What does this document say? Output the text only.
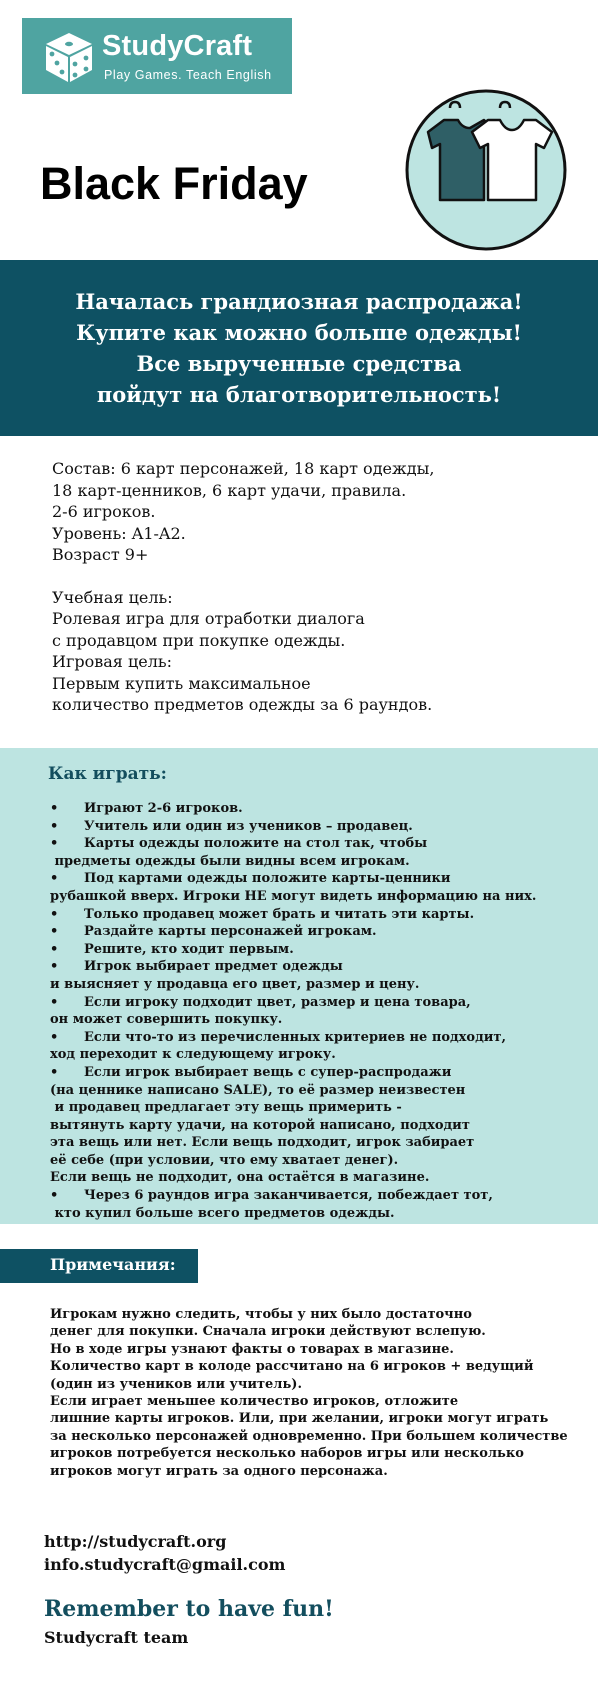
StudyCraft
Play Games. Teach English
Black Friday
Началась грандиозная распродажа!
Купите как можно больше одежды!
Все вырученные средства
пойдут на благотворительность!
Состав: 6 карт персонажей, 18 карт одежды,
18 карт-ценников, 6 карт удачи, правила.
2-6 игроков.
Уровень: A1-A2.
Возраст 9+
Учебная цель:
Ролевая игра для отработки диалога
с продавцом при покупке одежды.
Игровая цель:
Первым купить максимальное
количество предметов одежды за 6 раундов.
Как играть:
• Играют 2-6 игроков.
• Учитель или один из учеников – продавец.
• Карты одежды положите на стол так, чтобы
предметы одежды были видны всем игрокам.
• Под картами одежды положите карты-ценники
рубашкой вверх. Игроки НЕ могут видеть информацию на них.
• Только продавец может брать и читать эти карты.
• Раздайте карты персонажей игрокам.
• Решите, кто ходит первым.
• Игрок выбирает предмет одежды
и выясняет у продавца его цвет, размер и цену.
• Если игроку подходит цвет, размер и цена товара,
он может совершить покупку.
• Если что-то из перечисленных критериев не подходит,
ход переходит к следующему игроку.
• Если игрок выбирает вещь с супер-распродажи
(на ценнике написано SALE), то её размер неизвестен
и продавец предлагает эту вещь примерить -
вытянуть карту удачи, на которой написано, подходит
эта вещь или нет. Если вещь подходит, игрок забирает
её себе (при условии, что ему хватает денег).
Если вещь не подходит, она остаётся в магазине.
• Через 6 раундов игра заканчивается, побеждает тот,
кто купил больше всего предметов одежды.
Примечания:
Игрокам нужно следить, чтобы у них было достаточно
денег для покупки. Сначала игроки действуют вслепую.
Но в ходе игры узнают факты о товарах в магазине.
Количество карт в колоде рассчитано на 6 игроков + ведущий
(один из учеников или учитель).
Если играет меньшее количество игроков, отложите
лишние карты игроков. Или, при желании, игроки могут играть
за несколько персонажей одновременно. При большем количестве
игроков потребуется несколько наборов игры или несколько
игроков могут играть за одного персонажа.
http://studycraft.org
info.studycraft@gmail.com
Remember to have fun!
Studycraft team
